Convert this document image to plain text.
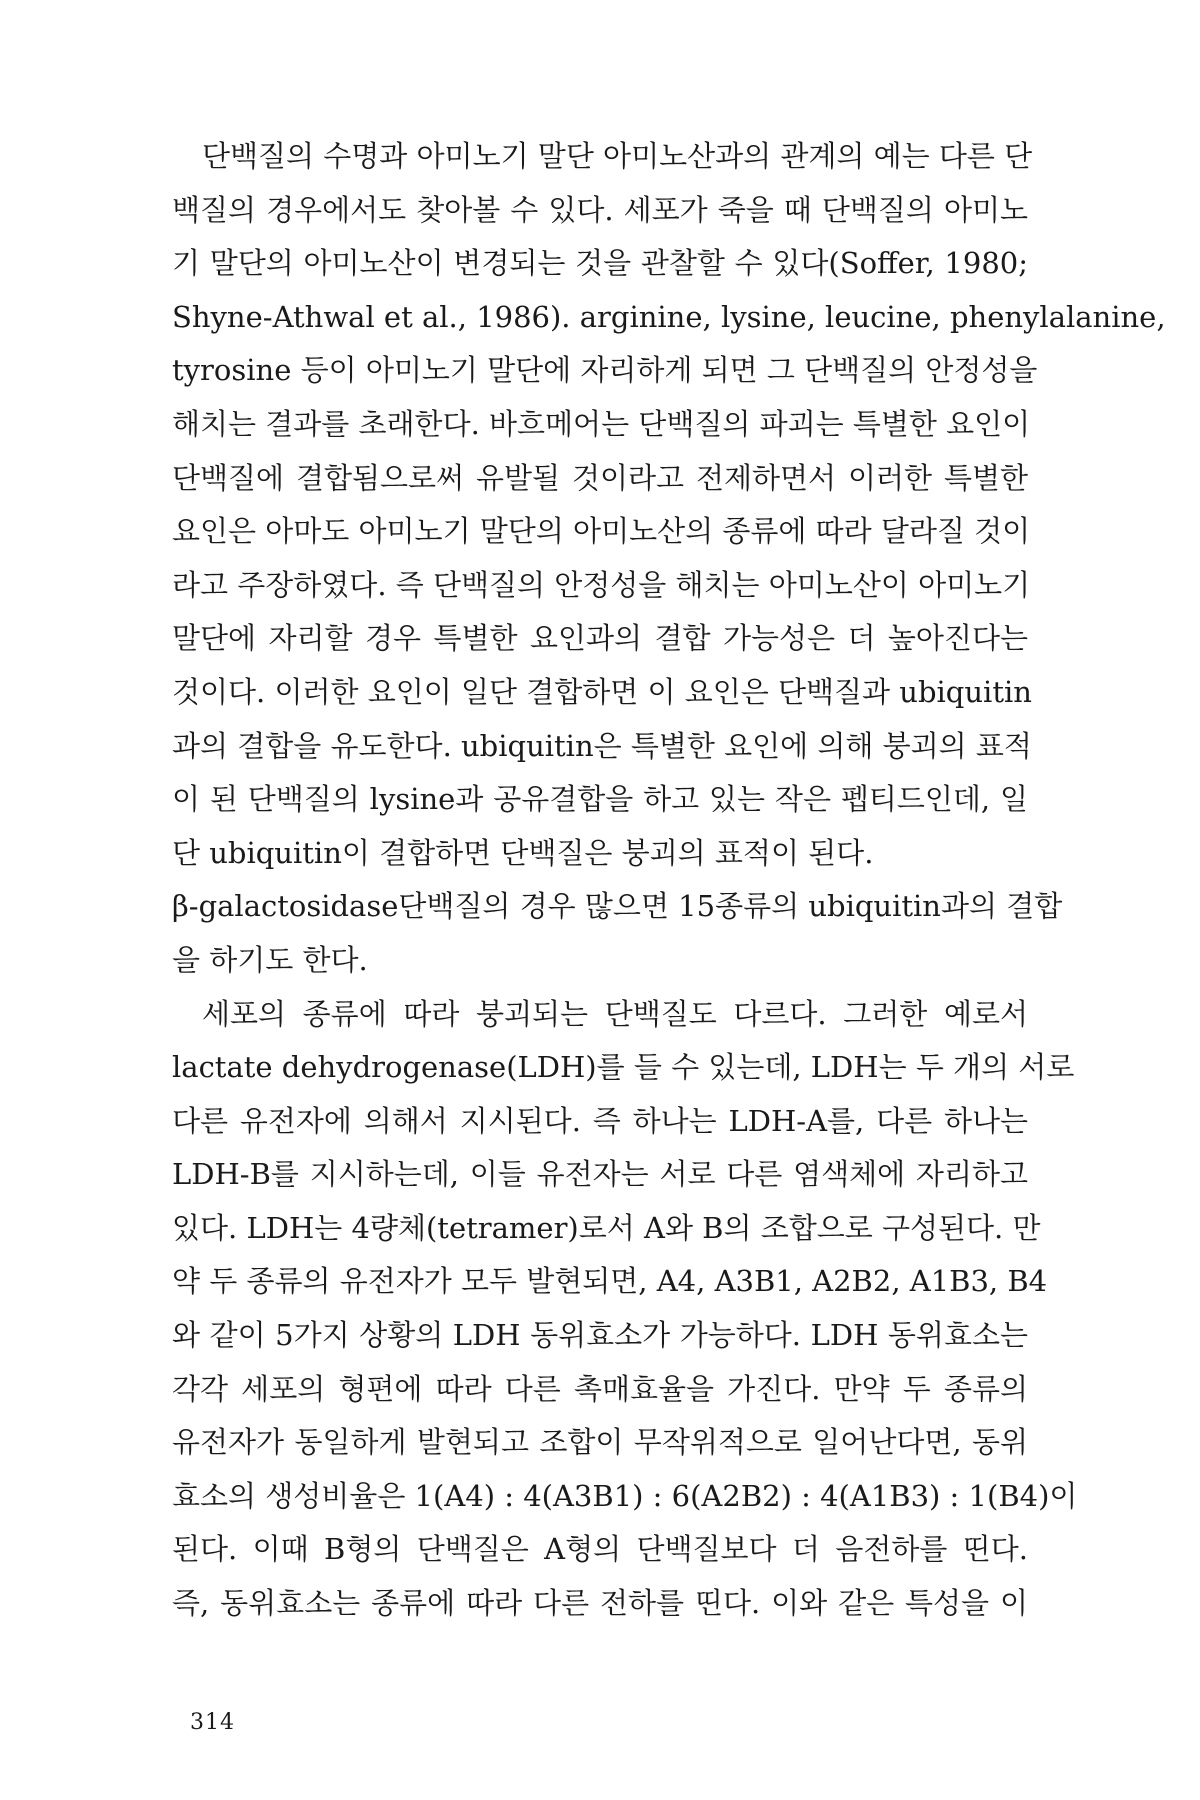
단백질의 수명과 아미노기 말단 아미노산과의 관계의 예는 다른 단
백질의 경우에서도 찾아볼 수 있다. 세포가 죽을 때 단백질의 아미노
기 말단의 아미노산이 변경되는 것을 관찰할 수 있다(Soffer, 1980;
Shyne-Athwal et al., 1986). arginine, lysine, leucine, phenylalanine,
tyrosine 등이 아미노기 말단에 자리하게 되면 그 단백질의 안정성을
해치는 결과를 초래한다. 바흐메어는 단백질의 파괴는 특별한 요인이
단백질에 결합됨으로써 유발될 것이라고 전제하면서 이러한 특별한
요인은 아마도 아미노기 말단의 아미노산의 종류에 따라 달라질 것이
라고 주장하였다. 즉 단백질의 안정성을 해치는 아미노산이 아미노기
말단에 자리할 경우 특별한 요인과의 결합 가능성은 더 높아진다는
것이다. 이러한 요인이 일단 결합하면 이 요인은 단백질과 ubiquitin
과의 결합을 유도한다. ubiquitin은 특별한 요인에 의해 붕괴의 표적
이 된 단백질의 lysine과 공유결합을 하고 있는 작은 펩티드인데, 일
단 ubiquitin이 결합하면 단백질은 붕괴의 표적이 된다.
β-galactosidase단백질의 경우 많으면 15종류의 ubiquitin과의 결합
을 하기도 한다.
세포의 종류에 따라 붕괴되는 단백질도 다르다. 그러한 예로서
lactate dehydrogenase(LDH)를 들 수 있는데, LDH는 두 개의 서로
다른 유전자에 의해서 지시된다. 즉 하나는 LDH-A를, 다른 하나는
LDH-B를 지시하는데, 이들 유전자는 서로 다른 염색체에 자리하고
있다. LDH는 4량체(tetramer)로서 A와 B의 조합으로 구성된다. 만
약 두 종류의 유전자가 모두 발현되면, A4, A3B1, A2B2, A1B3, B4
와 같이 5가지 상황의 LDH 동위효소가 가능하다. LDH 동위효소는
각각 세포의 형편에 따라 다른 촉매효율을 가진다. 만약 두 종류의
유전자가 동일하게 발현되고 조합이 무작위적으로 일어난다면, 동위
효소의 생성비율은 1(A4) : 4(A3B1) : 6(A2B2) : 4(A1B3) : 1(B4)이
된다. 이때 B형의 단백질은 A형의 단백질보다 더 음전하를 띤다.
즉, 동위효소는 종류에 따라 다른 전하를 띤다. 이와 같은 특성을 이
314
